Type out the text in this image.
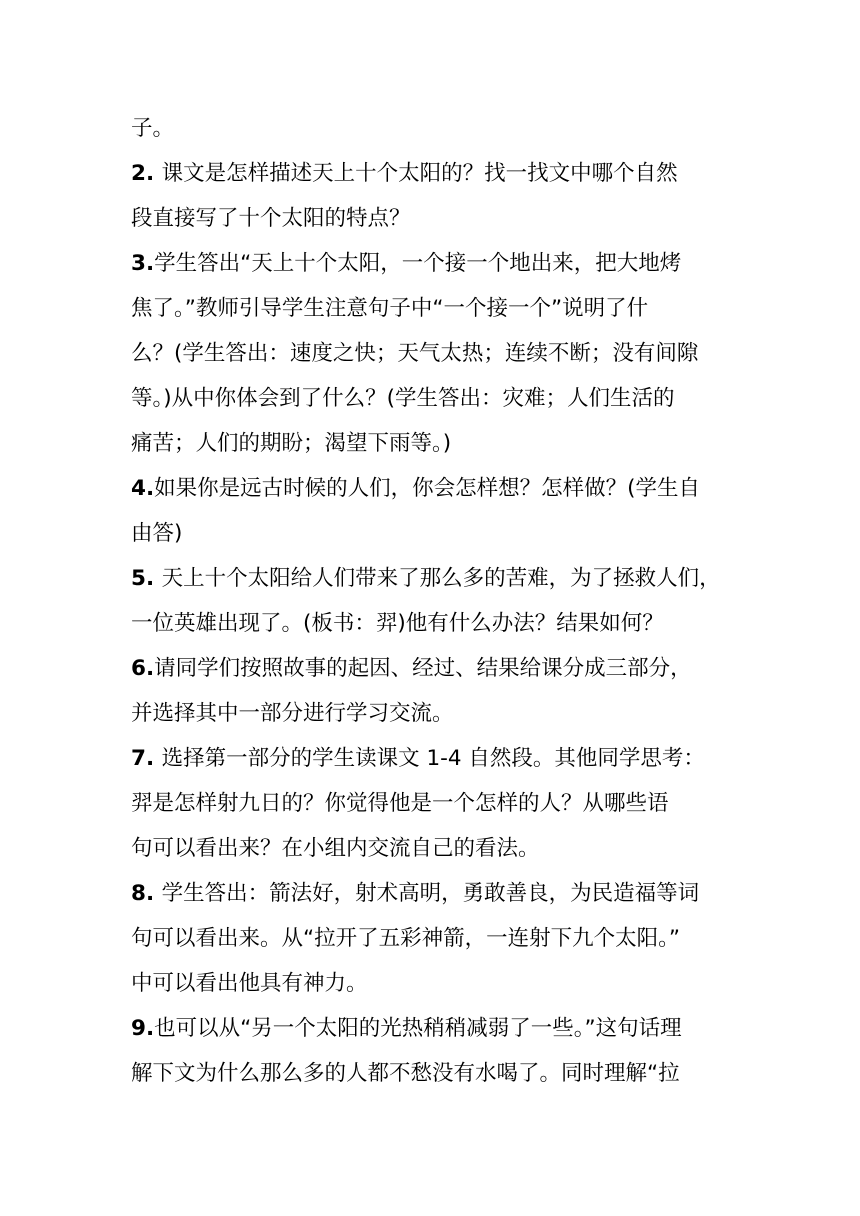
子。
2. 课文是怎样描述天上十个太阳的？找一找文中哪个自然
段直接写了十个太阳的特点？
3.学生答出“天上十个太阳，一个接一个地出来，把大地烤
焦了。”教师引导学生注意句子中“一个接一个”说明了什
么？(学生答出：速度之快；天气太热；连续不断；没有间隙
等。)从中你体会到了什么？(学生答出：灾难；人们生活的
痛苦；人们的期盼；渴望下雨等。)
4.如果你是远古时候的人们，你会怎样想？怎样做？(学生自
由答)
5. 天上十个太阳给人们带来了那么多的苦难，为了拯救人们，
一位英雄出现了。(板书：羿)他有什么办法？结果如何？
6.请同学们按照故事的起因、经过、结果给课分成三部分，
并选择其中一部分进行学习交流。
7. 选择第一部分的学生读课文 1-4 自然段。其他同学思考：
羿是怎样射九日的？你觉得他是一个怎样的人？从哪些语
句可以看出来？在小组内交流自己的看法。
8. 学生答出：箭法好，射术高明，勇敢善良，为民造福等词
句可以看出来。从“拉开了五彩神箭，一连射下九个太阳。”
中可以看出他具有神力。
9.也可以从“另一个太阳的光热稍稍减弱了一些。”这句话理
解下文为什么那么多的人都不愁没有水喝了。同时理解“拉
